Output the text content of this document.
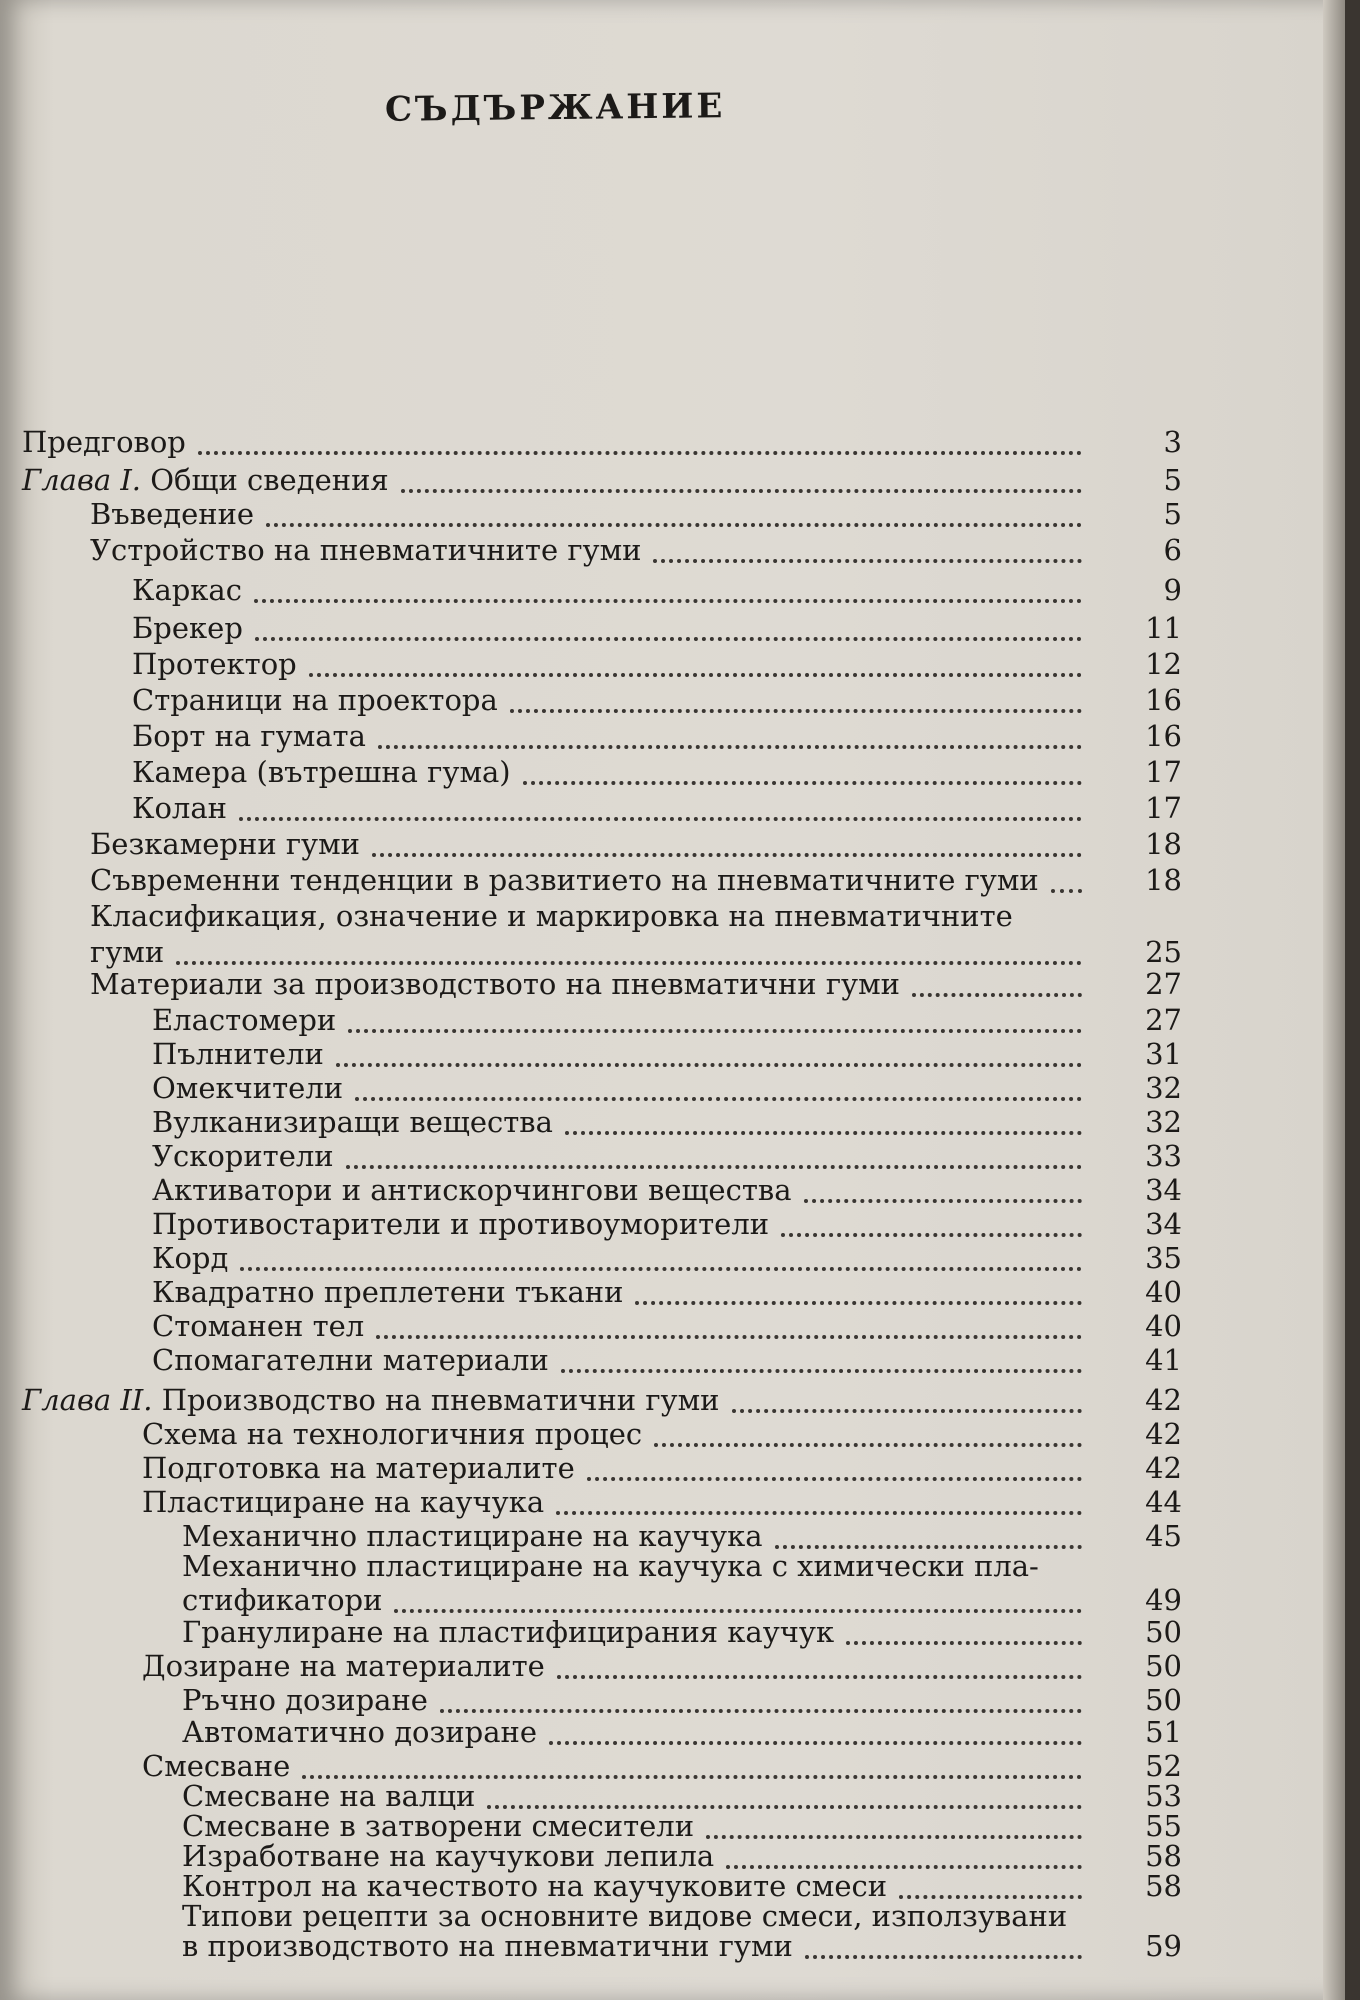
СЪДЪРЖАНИЕ
Предговор	3
Глава I. Общи сведения	5
Въведение	5
Устройство на пневматичните гуми	6
Каркас	9
Брекер	11
Протектор	12
Страници на проектора	16
Борт на гумата	16
Камера (вътрешна гума)	17
Колан	17
Безкамерни гуми	18
Съвременни тенденции в развитието на пневматичните гуми	18
Класификация, означение и маркировка на пневматичните
гуми	25
Материали за производството на пневматични гуми	27
Еластомери	27
Пълнители	31
Омекчители	32
Вулканизиращи вещества	32
Ускорители	33
Активатори и антискорчингови вещества	34
Противостарители и противоуморители	34
Корд	35
Квадратно преплетени тъкани	40
Стоманен тел	40
Спомагателни материали	41
Глава II. Производство на пневматични гуми	42
Схема на технологичния процес	42
Подготовка на материалите	42
Пластициране на каучука	44
Механично пластициране на каучука	45
Механично пластициране на каучука с химически пла-
стификатори	49
Гранулиране на пластифицирания каучук	50
Дозиране на материалите	50
Ръчно дозиране	50
Автоматично дозиране	51
Смесване	52
Смесване на валци	53
Смесване в затворени смесители	55
Изработване на каучукови лепила	58
Контрол на качеството на каучуковите смеси	58
Типови рецепти за основните видове смеси, използувани
в производството на пневматични гуми	59
